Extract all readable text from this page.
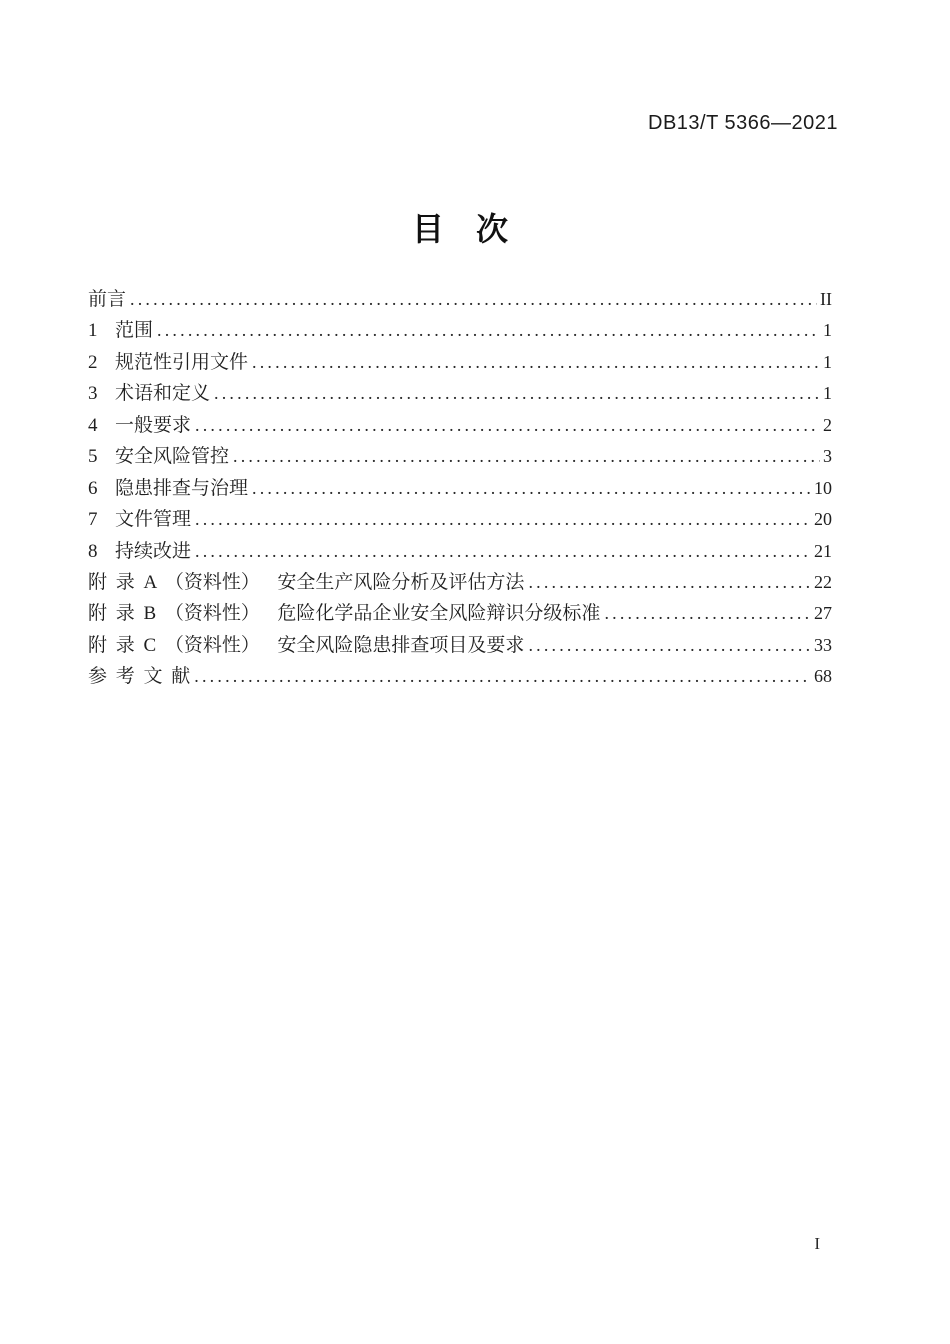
DB13/T 5366—2021
目　次
前言 .....	II
1  范围 .....	1
2  规范性引用文件 .....	1
3  术语和定义 .....	1
4  一般要求 .....	2
5  安全风险管控 .....	3
6  隐患排查与治理 .....	10
7  文件管理 .....	20
8  持续改进 .....	21
附 录 A （资料性）  安全生产风险分析及评估方法 .....	22
附 录 B （资料性）  危险化学品企业安全风险辩识分级标准 .....	27
附 录 C （资料性）  安全风险隐患排查项目及要求 .....	33
参 考 文 献 .....	68
I
